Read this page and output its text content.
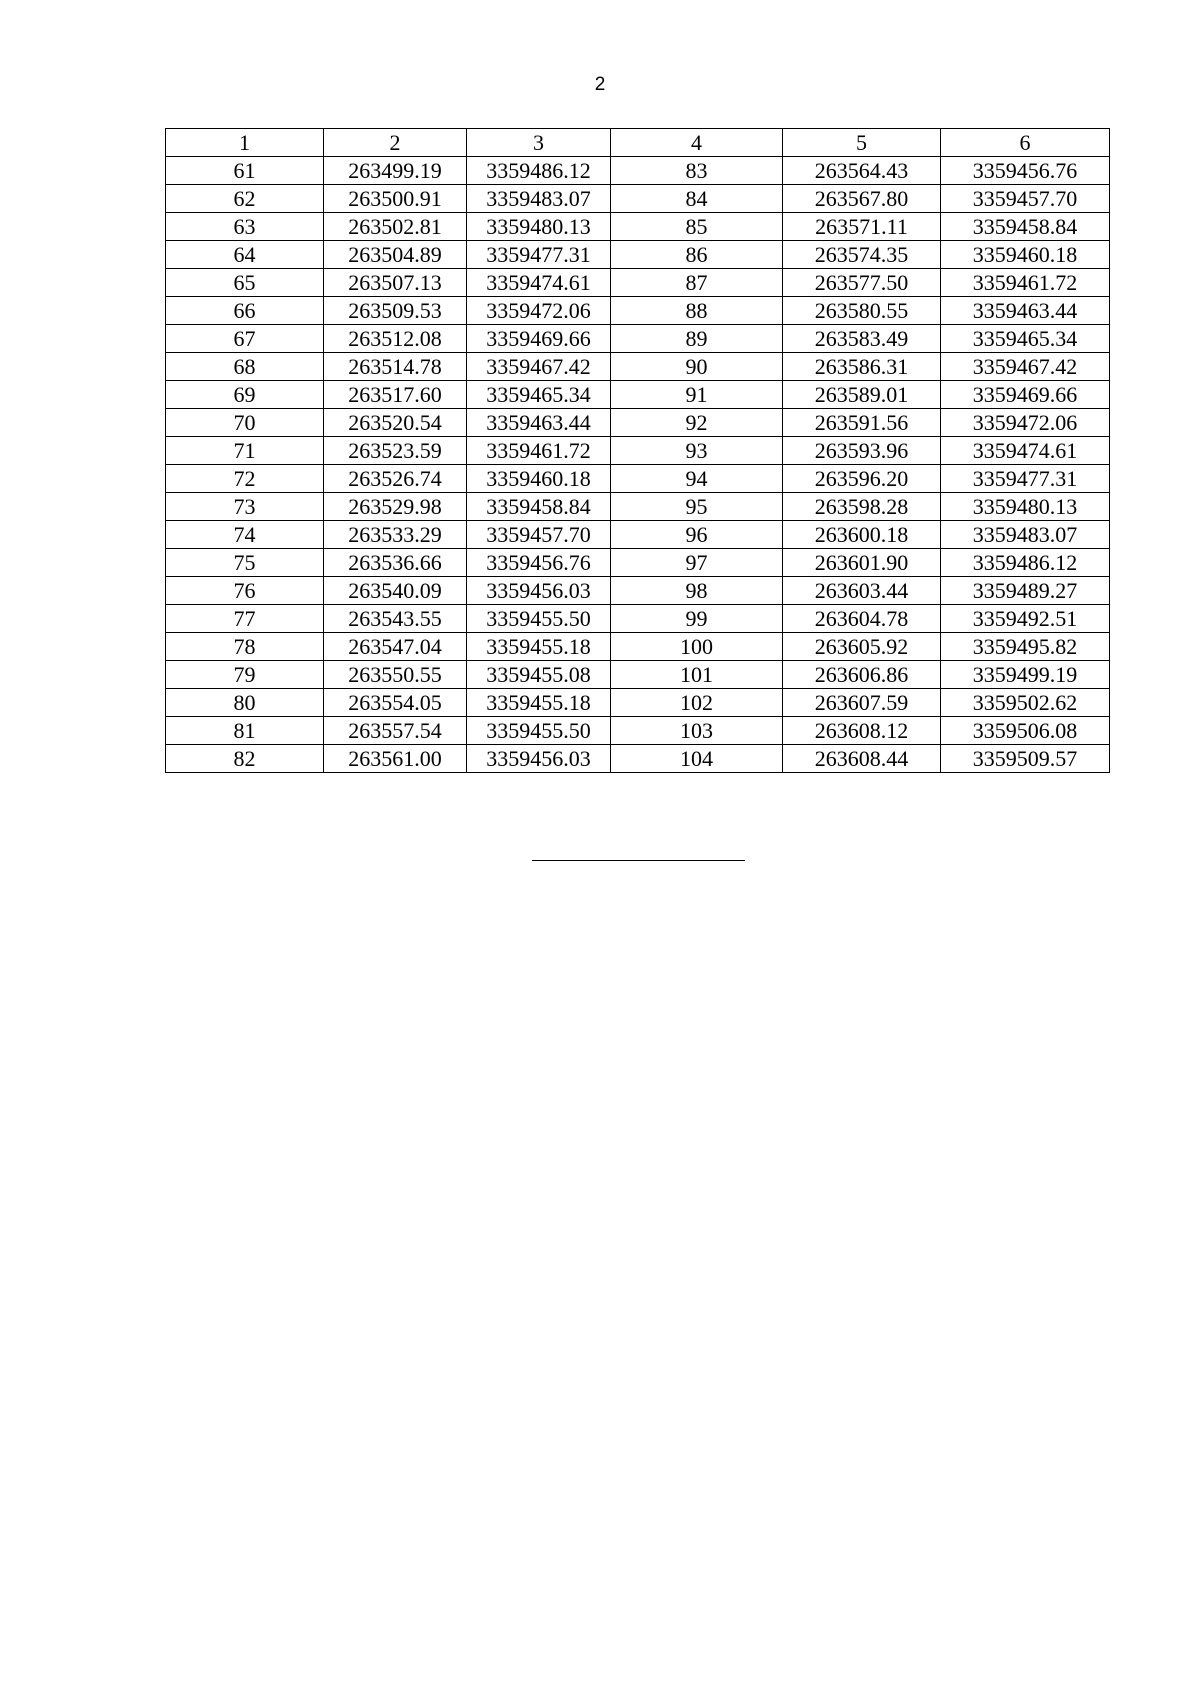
2
1	2	3	4	5	6
61	263499.19	3359486.12	83	263564.43	3359456.76
62	263500.91	3359483.07	84	263567.80	3359457.70
63	263502.81	3359480.13	85	263571.11	3359458.84
64	263504.89	3359477.31	86	263574.35	3359460.18
65	263507.13	3359474.61	87	263577.50	3359461.72
66	263509.53	3359472.06	88	263580.55	3359463.44
67	263512.08	3359469.66	89	263583.49	3359465.34
68	263514.78	3359467.42	90	263586.31	3359467.42
69	263517.60	3359465.34	91	263589.01	3359469.66
70	263520.54	3359463.44	92	263591.56	3359472.06
71	263523.59	3359461.72	93	263593.96	3359474.61
72	263526.74	3359460.18	94	263596.20	3359477.31
73	263529.98	3359458.84	95	263598.28	3359480.13
74	263533.29	3359457.70	96	263600.18	3359483.07
75	263536.66	3359456.76	97	263601.90	3359486.12
76	263540.09	3359456.03	98	263603.44	3359489.27
77	263543.55	3359455.50	99	263604.78	3359492.51
78	263547.04	3359455.18	100	263605.92	3359495.82
79	263550.55	3359455.08	101	263606.86	3359499.19
80	263554.05	3359455.18	102	263607.59	3359502.62
81	263557.54	3359455.50	103	263608.12	3359506.08
82	263561.00	3359456.03	104	263608.44	3359509.57
